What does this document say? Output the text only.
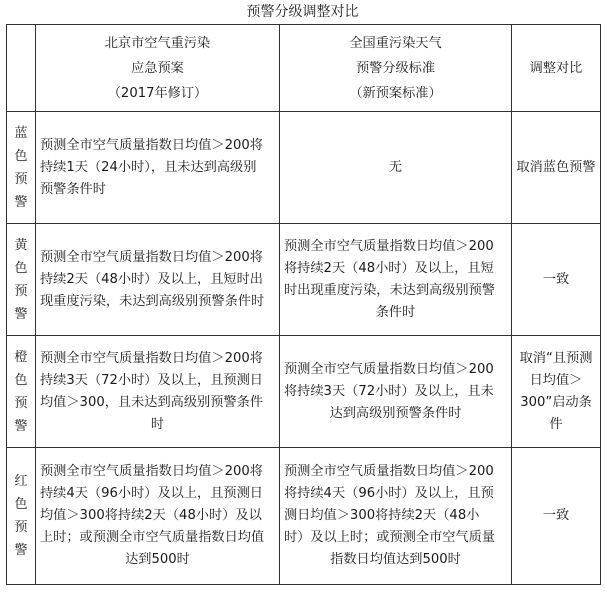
预警分级调整对比

	北京市空气重污染
应急预案
（2017年修订）	全国重污染天气
预警分级标准
（新预案标准）	调整对比

蓝
色
预
警	预测全市空气质量指数日均值＞200将
持续1天（24小时），且未达到高级别
预警条件时	无	取消蓝色预警

黄
色
预
警	预测全市空气质量指数日均值＞200将
持续2天（48小时）及以上，且短时出
现重度污染，未达到高级别预警条件时	预测全市空气质量指数日均值＞200
将持续2天（48小时）及以上，且短
时出现重度污染，未达到高级别预警
条件时	一致

橙
色
预
警	预测全市空气质量指数日均值＞200将
持续3天（72小时）及以上，且预测日
均值＞300，且未达到高级别预警条件
时	预测全市空气质量指数日均值＞200
将持续3天（72小时）及以上，且未
达到高级别预警条件时	取消“且预测
日均值＞
300”启动条
件

红
色
预
警	预测全市空气质量指数日均值＞200将
持续4天（96小时）及以上，且预测日
均值＞300将持续2天（48小时）及以
上时；或预测全市空气质量指数日均值
达到500时	预测全市空气质量指数日均值＞200
将持续4天（96小时）及以上，且预
测日均值＞300将持续2天（48小
时）及以上时；或预测全市空气质量
指数日均值达到500时	一致
